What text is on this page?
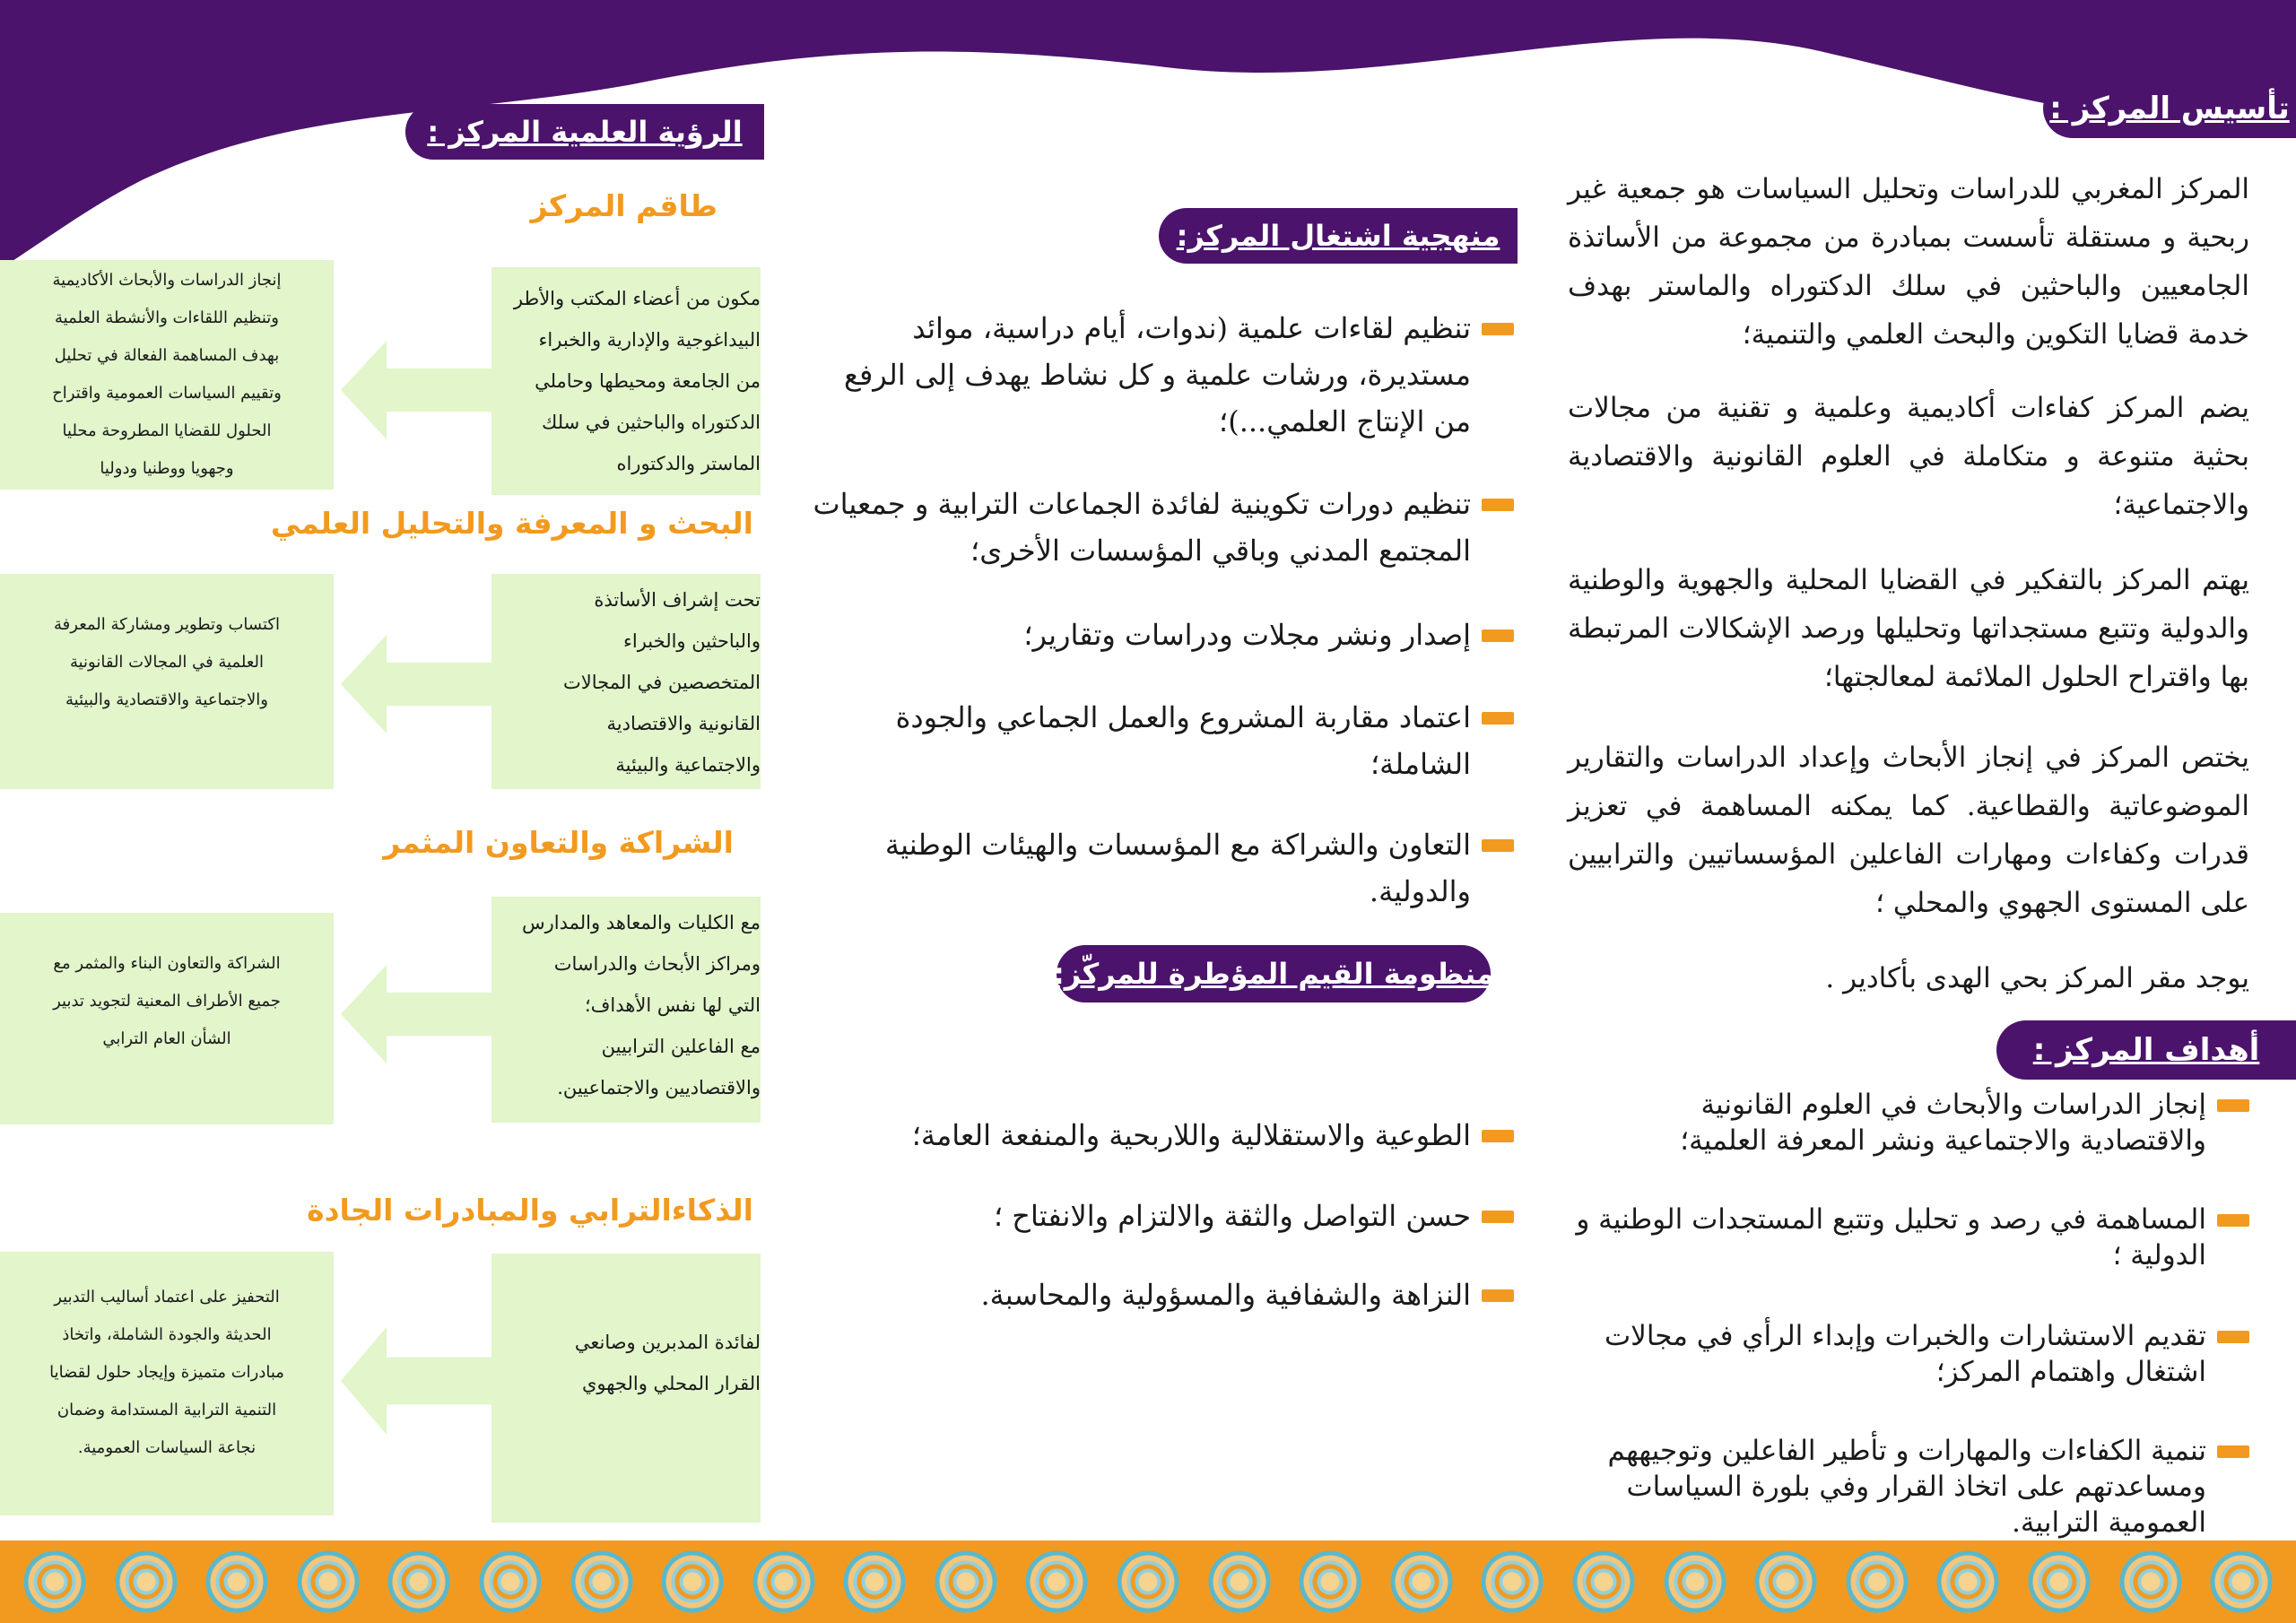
تأسيس المركز :

المركز المغربي للدراسات وتحليل السياسات هو جمعية غير ربحية و مستقلة تأسست بمبادرة من مجموعة من الأساتذة الجامعيين والباحثين في سلك الدكتوراه والماستر بهدف خدمة قضايا التكوين والبحث العلمي والتنمية؛

يضم المركز كفاءات أكاديمية وعلمية و تقنية من مجالات بحثية متنوعة و متكاملة في العلوم القانونية والاقتصادية والاجتماعية؛

يهتم المركز بالتفكير في القضايا المحلية والجهوية والوطنية والدولية وتتبع مستجداتها وتحليلها ورصد الإشكالات المرتبطة بها واقتراح الحلول الملائمة لمعالجتها؛

يختص المركز في إنجاز الأبحاث وإعداد الدراسات والتقارير الموضوعاتية والقطاعية. كما يمكنه المساهمة في تعزيز قدرات وكفاءات ومهارات الفاعلين المؤسساتيين والترابيين على المستوى الجهوي والمحلي ؛

يوجد مقر المركز بحي الهدى بأكادير .

أهداف المركز :

إنجاز الدراسات والأبحاث في العلوم القانونية والاقتصادية والاجتماعية ونشر المعرفة العلمية؛

المساهمة في رصد و تحليل وتتبع المستجدات الوطنية و الدولية ؛

تقديم الاستشارات والخبرات وإبداء الرأي في مجالات اشتغال واهتمام المركز؛

تنمية الكفاءات والمهارات و تأطير الفاعلين وتوجيههم ومساعدتهم على اتخاذ القرار وفي بلورة السياسات العمومية الترابية.

منهجية اشتغال المركز:

تنظيم لقاءات علمية (ندوات، أيام دراسية، موائد مستديرة، ورشات علمية و كل نشاط يهدف إلى الرفع من الإنتاج العلمي...)؛

تنظيم دورات تكوينية لفائدة الجماعات الترابية و جمعيات المجتمع المدني وباقي المؤسسات الأخرى؛

إصدار ونشر مجلات ودراسات وتقارير؛

اعتماد مقاربة المشروع والعمل الجماعي والجودة الشاملة؛

التعاون والشراكة مع المؤسسات والهيئات الوطنية والدولية.

منظومة القيم المؤطرة للمركّز:

الطوعية والاستقلالية واللاربحية والمنفعة العامة؛

حسن التواصل والثقة والالتزام والانفتاح ؛

النزاهة والشفافية والمسؤولية والمحاسبة.

الرؤية العلمية المركز :
طاقم المركز

مكون من أعضاء المكتب والأطر

البيداغوجية والإدارية والخبراء

من الجامعة ومحيطها وحاملي

الدكتوراه والباحثين في سلك

الماستر والدكتوراه

إنجاز الدراسات والأبحاث الأكاديمية

وتنظيم اللقاءات والأنشطة العلمية

بهدف المساهمة الفعالة في تحليل

وتقييم السياسات العمومية واقتراح

الحلول للقضايا المطروحة محليا

وجهويا ووطنيا ودوليا

البحث و المعرفة والتحليل العلمي

تحت إشراف الأساتذة

والباحثين والخبراء

المتخصصين في المجالات

القانونية والاقتصادية

والاجتماعية والبيئية

اكتساب وتطوير ومشاركة المعرفة

العلمية في المجالات القانونية

والاجتماعية والاقتصادية والبيئية

الشراكة والتعاون المثمر

مع الكليات والمعاهد والمدارس

ومراكز الأبحاث والدراسات

التي لها نفس الأهداف؛

مع الفاعلين الترابيين

والاقتصاديين والاجتماعيين.

الشراكة والتعاون البناء والمثمر مع

جميع الأطراف المعنية لتجويد تدبير

الشأن العام الترابي

الذكاءالترابي والمبادرات الجادة

لفائدة المدبرين وصانعي

القرار المحلي والجهوي

التحفيز على اعتماد أساليب التدبير

الحديثة والجودة الشاملة، واتخاذ

مبادرات متميزة وإيجاد حلول لقضايا

التنمية الترابية المستدامة وضمان

نجاعة السياسات العمومية.
